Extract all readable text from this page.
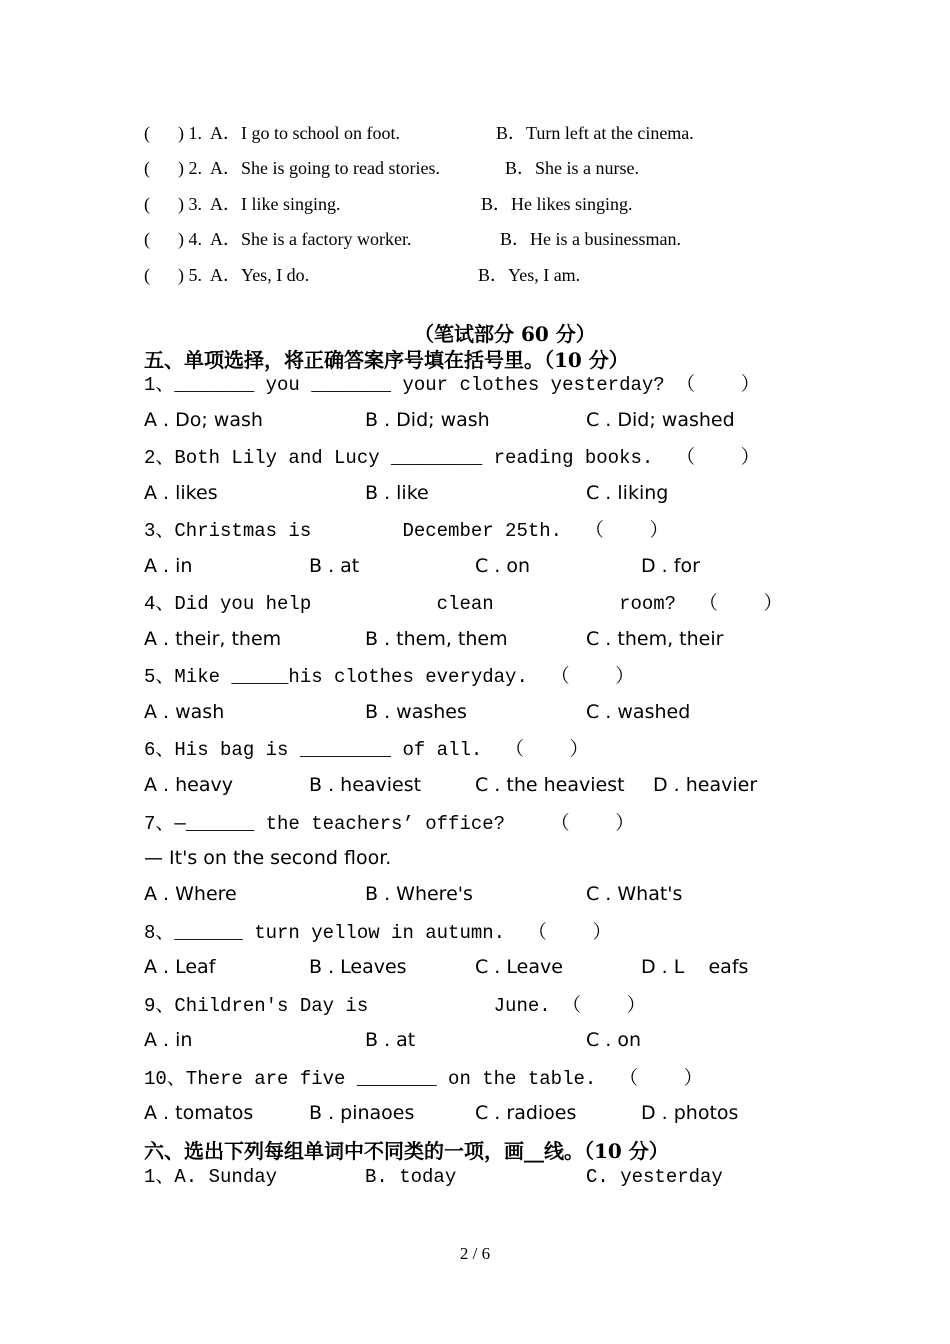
( ) 1. A．I go to school on foot.	B．Turn left at the cinema.
( ) 2. A．She is going to read stories.	B．She is a nurse.
( ) 3. A．I like singing.	B．He likes singing.
( ) 4. A．She is a factory worker.	B．He is a businessman.
( ) 5. A．Yes, I do.	B．Yes, I am.
（笔试部分 60 分）
五、单项选择，将正确答案序号填在括号里。（10 分）
1、_______ you _______ your clothes yesterday? （    ）
A . Do; wash	B . Did; wash	C . Did; washed
2、Both Lily and Lucy ________ reading books.  （    ）
A . likes	B . like	C . liking
3、Christmas is        December 25th.  （    ）
A . in	B . at	C . on	D . for
4、Did you help           clean           room?  （    ）
A . their, them	B . them, them	C . them, their
5、Mike _____his clothes everyday.  （    ）
A . wash	B . washes	C . washed
6、His bag is ________ of all.  （    ）
A . heavy	B . heaviest	C . the heaviest D . heavier
7、—______ the teachers’ office?    （    ）
— It's on the second floor.
A . Where	B . Where's	C . What's
8、______ turn yellow in autumn.  （    ）
A . Leaf	B . Leaves	C . Leave	D . L    eafs
9、Children's Day is           June. （    ）
A . in	B . at	C . on
10、There are five _______ on the table.  （    ）
A . tomatos	B . pinaoes	C . radioes	D . photos
六、选出下列每组单词中不同类的一项，画__线。（10 分）
1、A. Sunday	B. today	C. yesterday
2 / 6
